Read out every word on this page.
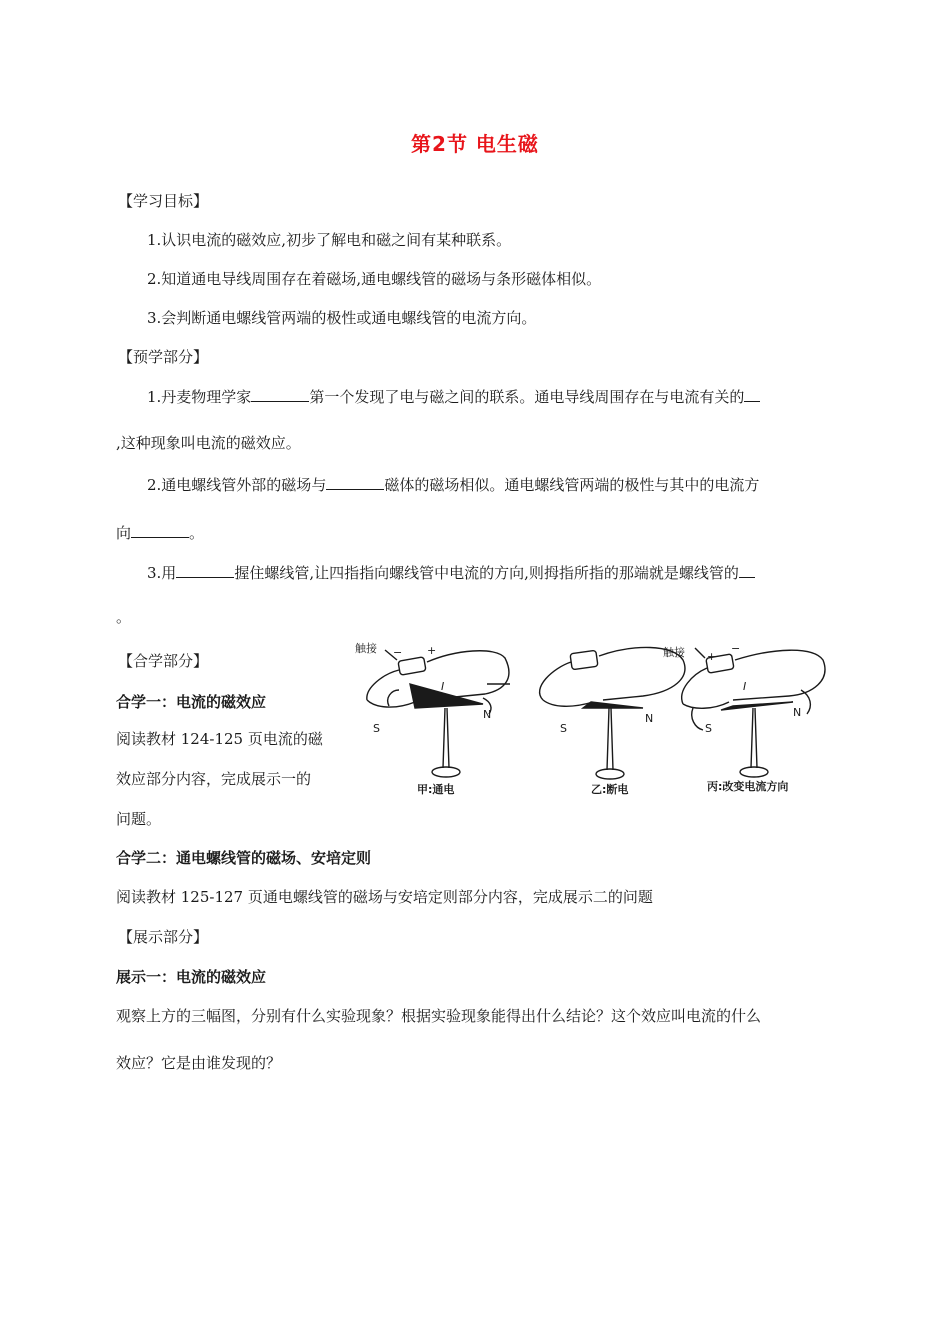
第2节 电生磁
【学习目标】
1.认识电流的磁效应,初步了解电和磁之间有某种联系。
2.知道通电导线周围存在着磁场,通电螺线管的磁场与条形磁体相似。
3.会判断通电螺线管两端的极性或通电螺线管的电流方向。
【预学部分】
1.丹麦物理学家	第一个发现了电与磁之间的联系。通电导线周围存在与电流有关的
,这种现象叫电流的磁效应。
2.通电螺线管外部的磁场与	磁体的磁场相似。通电螺线管两端的极性与其中的电流方
向	。
3.用	握住螺线管,让四指指向螺线管中电流的方向,则拇指所指的那端就是螺线管的
。
【合学部分】
合学一：电流的磁效应
阅读教材 124-125 页电流的磁
效应部分内容，完成展示一的
问题。
触接 − +
I
S
N
甲:通电
S
N
乙:断电
触接 +
−
I
S
N
丙:改变电流方向
合学二：通电螺线管的磁场、安培定则
阅读教材 125-127 页通电螺线管的磁场与安培定则部分内容，完成展示二的问题
【展示部分】
展示一：电流的磁效应
观察上方的三幅图，分别有什么实验现象？根据实验现象能得出什么结论？这个效应叫电流的什么
效应？它是由谁发现的？
